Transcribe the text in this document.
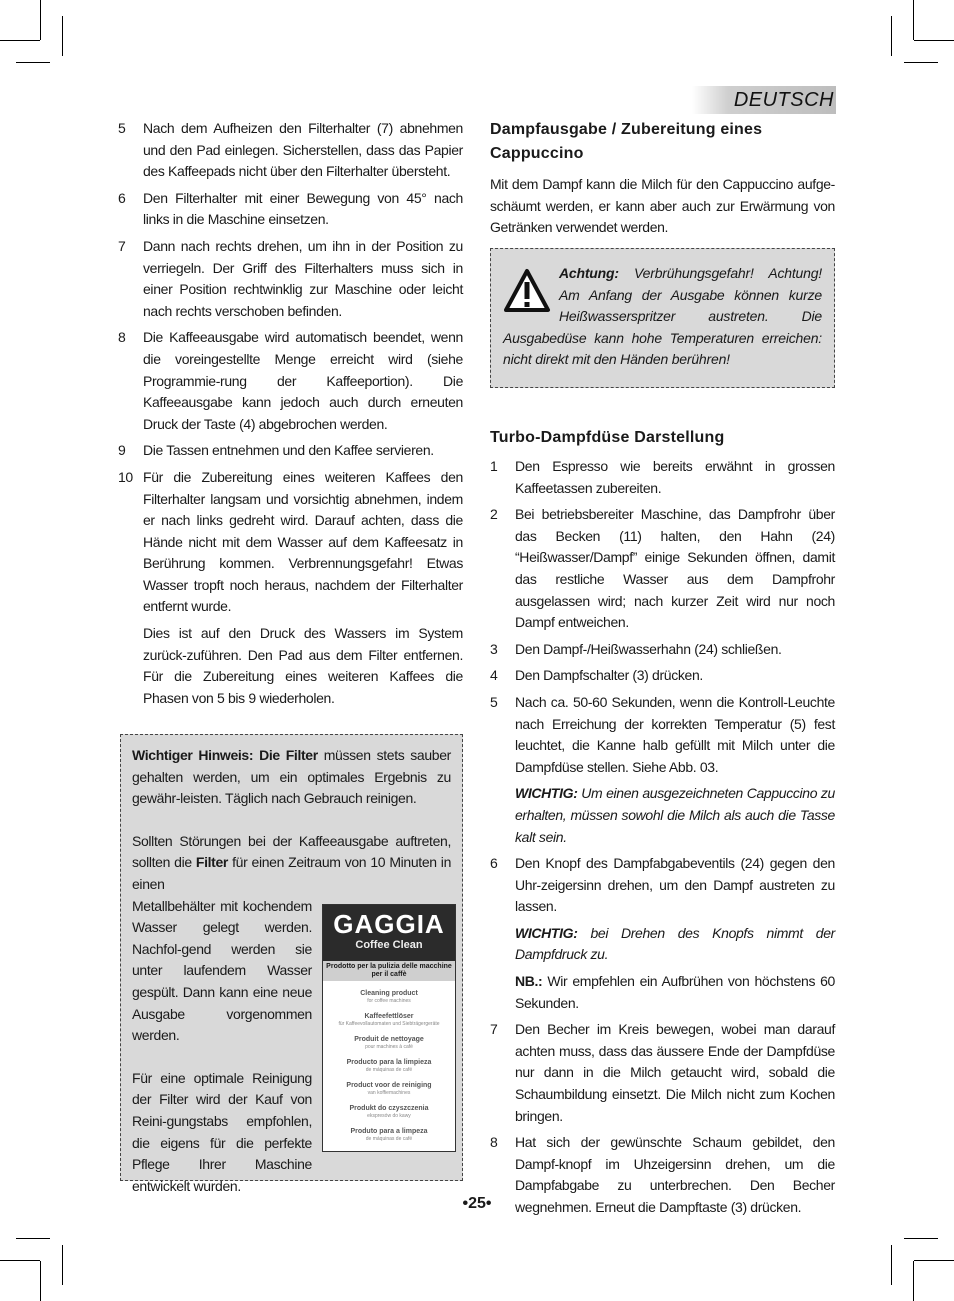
DEUTSCH
5	Nach dem Aufheizen den Filterhalter (7) abnehmen und den Pad einlegen. Sicherstellen, dass das Papier des Kaffeepads nicht über den Filterhalter übersteht.
6	Den Filterhalter mit einer Bewegung von 45° nach links in die Maschine einsetzen.
7	Dann nach rechts drehen, um ihn in der Position zu verriegeln. Der Griff des Filterhalters muss sich in einer Position rechtwinklig zur Maschine oder leicht nach rechts verschoben befinden.
8	Die Kaffeeausgabe wird automatisch beendet, wenn die voreingestellte Menge erreicht wird (siehe Programmie-rung der Kaffeeportion). Die Kaffeeausgabe kann jedoch auch durch erneuten Druck der Taste (4) abgebrochen werden.
9	Die Tassen entnehmen und den Kaffee servieren.
10 Für die Zubereitung eines weiteren Kaffees den Filterhalter langsam und vorsichtig abnehmen, indem er nach links gedreht wird. Darauf achten, dass die Hände nicht mit dem Wasser auf dem Kaffeesatz in Berührung kommen. Verbrennungsgefahr! Etwas Wasser tropft noch heraus, nachdem der Filterhalter entfernt wurde.
Dies ist auf den Druck des Wassers im System zurück-zuführen. Den Pad aus dem Filter entfernen. Für die Zubereitung eines weiteren Kaffees die Phasen von 5 bis 9 wiederholen.

Wichtiger Hinweis: Die Filter müssen stets sauber gehalten werden, um ein optimales Ergebnis zu gewähr-leisten. Täglich nach Gebrauch reinigen.

Sollten Störungen bei der Kaffeeausgabe auftreten, sollten die Filter für einen Zeitraum von 10 Minuten in einen

Metallbehälter mit kochendem Wasser gelegt werden. Nachfol-gend werden sie unter laufendem Wasser gespült. Dann kann eine neue Ausgabe vorgenommen werden.

Für eine optimale Reinigung der Filter wird der Kauf von Reini-gungstabs empfohlen, die eigens für die perfekte Pflege Ihrer Maschine entwickelt wurden.

GAGGIA
Coffee Clean
Prodotto per la pulizia delle macchine per il caffè
Cleaning product
for coffee machines
Kaffeefettlöser
für Kaffeevollautomaten und Siebträgergeräte
Produit de nettoyage
pour machines à café
Producto para la limpieza
de máquinas de café
Product voor de reiniging
van koffiemachines
Produkt do czyszczenia
ekspresów do kawy
Produto para a limpeza
de máquinas de café
Dampfausgabe / Zubereitung eines Cappuccino
Mit dem Dampf kann die Milch für den Cappuccino aufge-schäumt werden, er kann aber auch zur Erwärmung von Getränken verwendet werden.
Achtung: Verbrühungsgefahr! Achtung! Am Anfang der Ausgabe können kurze Heißwasserspritzer austreten. Die Ausgabedüse kann hohe Temperaturen erreichen: nicht direkt mit den Händen berühren!
Turbo-Dampfdüse Darstellung
1	Den Espresso wie bereits erwähnt in grossen Kaffeetassen zubereiten.
2	Bei betriebsbereiter Maschine, das Dampfrohr über das Becken (11) halten, den Hahn (24) “Heißwasser/Dampf” einige Sekunden öffnen, damit das restliche Wasser aus dem Dampfrohr ausgelassen wird; nach kurzer Zeit wird nur noch Dampf entweichen.
3	Den Dampf-/Heißwasserhahn (24) schließen.
4	Den Dampfschalter (3) drücken.
5	Nach ca. 50-60 Sekunden, wenn die Kontroll-Leuchte nach Erreichung der korrekten Temperatur (5) fest leuchtet, die Kanne halb gefüllt mit Milch unter die Dampfdüse stellen. Siehe Abb. 03.
WICHTIG: Um einen ausgezeichneten Cappuccino zu erhalten, müssen sowohl die Milch als auch die Tasse kalt sein.
6	Den Knopf des Dampfabgabeventils (24) gegen den Uhr-zeigersinn drehen, um den Dampf austreten zu lassen.
WICHTIG: bei Drehen des Knopfs nimmt der Dampfdruck zu.
NB.: Wir empfehlen ein Aufbrühen von höchstens 60 Sekunden.
7	Den Becher im Kreis bewegen, wobei man darauf achten muss, dass das äussere Ende der Dampfdüse nur dann in die Milch getaucht wird, sobald die Schaumbildung einsetzt. Die Milch nicht zum Kochen bringen.
8	Hat sich der gewünschte Schaum gebildet, den Dampf-knopf im Uhzeigersinn drehen, um die Dampfabgabe zu unterbrechen. Den Becher wegnehmen. Erneut die Dampftaste (3) drücken.
•25•
